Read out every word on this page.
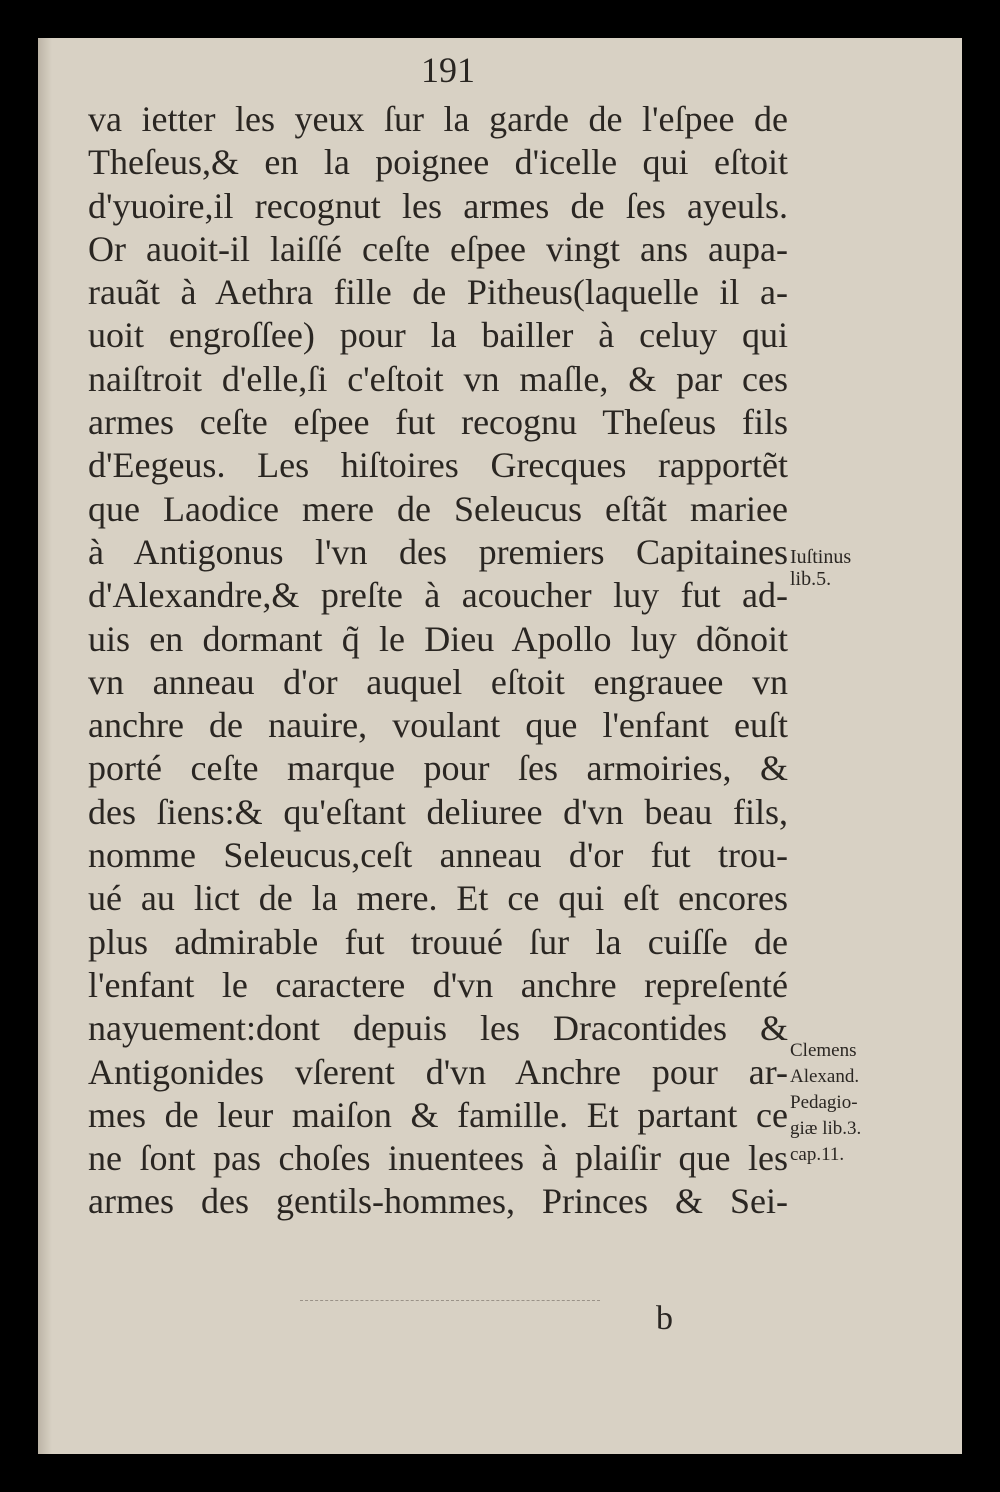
191
va ietter les yeux ſur la garde de l'eſpee de
Theſeus,& en la poignee d'icelle qui eſtoit
d'yuoire,il recognut les armes de ſes ayeuls.
Or auoit-il laiſſé ceſte eſpee vingt ans aupa-
rauãt à Aethra fille de Pitheus(laquelle il a-
uoit engroſſee) pour la bailler à celuy qui
naiſtroit d'elle,ſi c'eſtoit vn maſle, & par ces
armes ceſte eſpee fut recognu Theſeus fils
d'Eegeus. Les hiſtoires Grecques rapportẽt
que Laodice mere de Seleucus eſtãt mariee
à Antigonus l'vn des premiers Capitaines
d'Alexandre,& preſte à acoucher luy fut ad-
uis en dormant q̃ le Dieu Apollo luy dõnoit
vn anneau d'or auquel eſtoit engrauee vn
anchre de nauire, voulant que l'enfant euſt
porté ceſte marque pour ſes armoiries, &
des ſiens:& qu'eſtant deliuree d'vn beau fils,
nomme Seleucus,ceſt anneau d'or fut trou-
ué au lict de la mere. Et ce qui eſt encores
plus admirable fut trouué ſur la cuiſſe de
l'enfant le caractere d'vn anchre repreſenté
nayuement:dont depuis les Dracontides &
Antigonides vſerent d'vn Anchre pour ar-
mes de leur maiſon & famille. Et partant ce
ne ſont pas choſes inuentees à plaiſir que les
armes des gentils-hommes, Princes & Sei-
Iuſtinus
lib.5.
Clemens
Alexand.
Pedagio-
giæ lib.3.
cap.11.
b
